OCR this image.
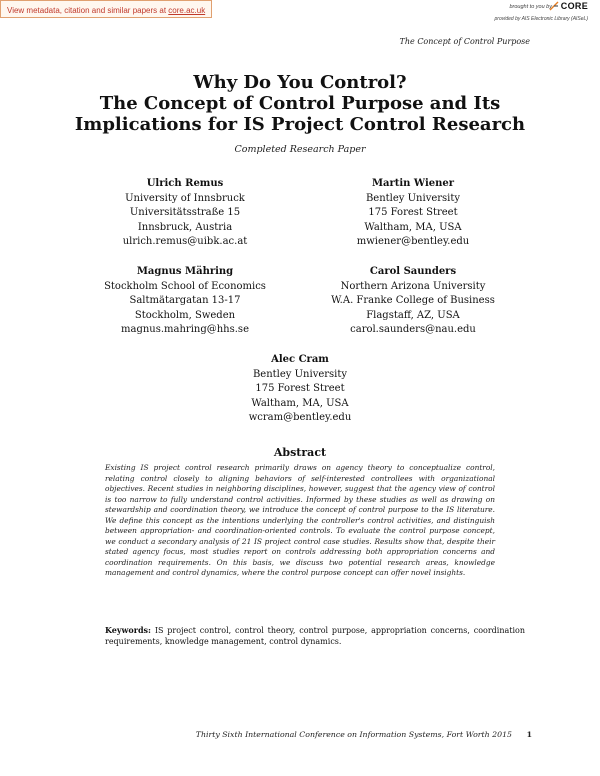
View metadata, citation and similar papers at core.ac.uk	brought to you by CORE
provided by AIS Electronic Library (AISeL)
The Concept of Control Purpose
Why Do You Control?
The Concept of Control Purpose and Its
Implications for IS Project Control Research
Completed Research Paper
Ulrich Remus
University of Innsbruck
Universitätsstraße 15
Innsbruck, Austria
ulrich.remus@uibk.ac.at
Martin Wiener
Bentley University
175 Forest Street
Waltham, MA, USA
mwiener@bentley.edu
Magnus Mähring
Stockholm School of Economics
Saltmätargatan 13-17
Stockholm, Sweden
magnus.mahring@hhs.se
Carol Saunders
Northern Arizona University
W.A. Franke College of Business
Flagstaff, AZ, USA
carol.saunders@nau.edu
Alec Cram
Bentley University
175 Forest Street
Waltham, MA, USA
wcram@bentley.edu
Abstract
Existing IS project control research primarily draws on agency theory to conceptualize control, relating control closely to aligning behaviors of self-interested controllees with organizational objectives. Recent studies in neighboring disciplines, however, suggest that the agency view of control is too narrow to fully understand control activities. Informed by these studies as well as drawing on stewardship and coordination theory, we introduce the concept of control purpose to the IS literature. We define this concept as the intentions underlying the controller's control activities, and distinguish between appropriation- and coordination-oriented controls. To evaluate the control purpose concept, we conduct a secondary analysis of 21 IS project control case studies. Results show that, despite their stated agency focus, most studies report on controls addressing both appropriation concerns and coordination requirements. On this basis, we discuss two potential research areas, knowledge management and control dynamics, where the control purpose concept can offer novel insights.
Keywords: IS project control, control theory, control purpose, appropriation concerns, coordination requirements, knowledge management, control dynamics.
Thirty Sixth International Conference on Information Systems, Fort Worth 2015 1
